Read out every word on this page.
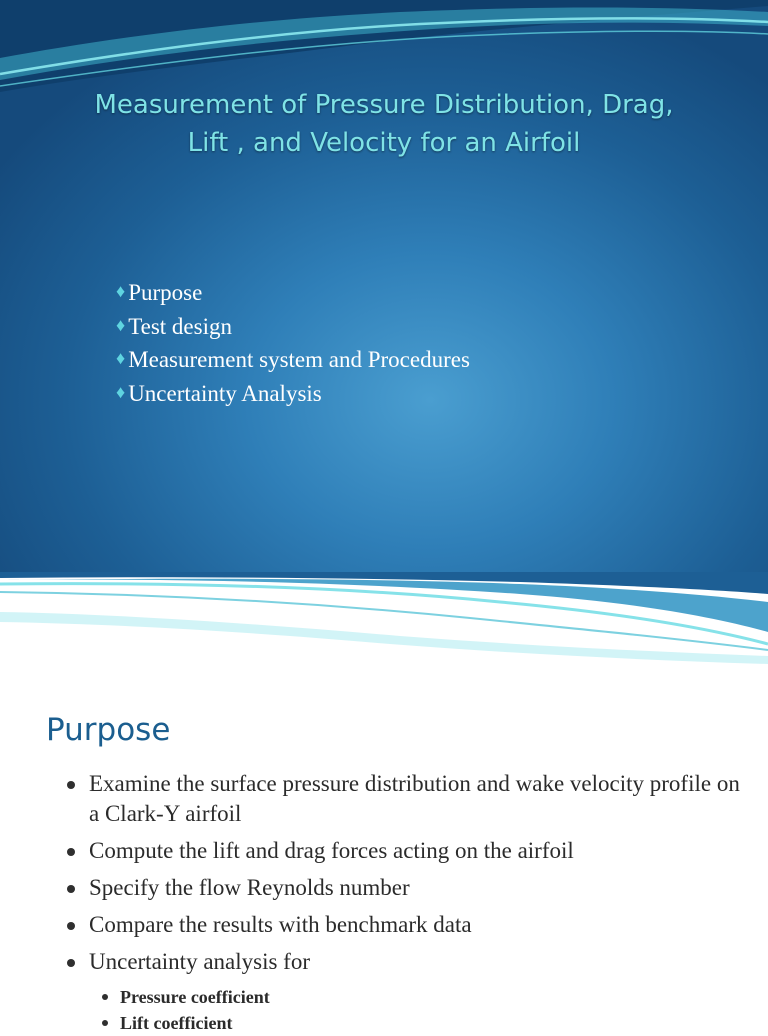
Measurement of Pressure Distribution, Drag,
Lift , and Velocity for an Airfoil
♦ Purpose
♦ Test design
♦ Measurement system and Procedures
♦ Uncertainty Analysis
Purpose
Examine the surface pressure distribution and wake velocity profile on a Clark-Y airfoil
Compute the lift and drag forces acting on the airfoil
Specify the flow Reynolds number
Compare the results with benchmark data
Uncertainty analysis for
Pressure coefficient
Lift coefficient
